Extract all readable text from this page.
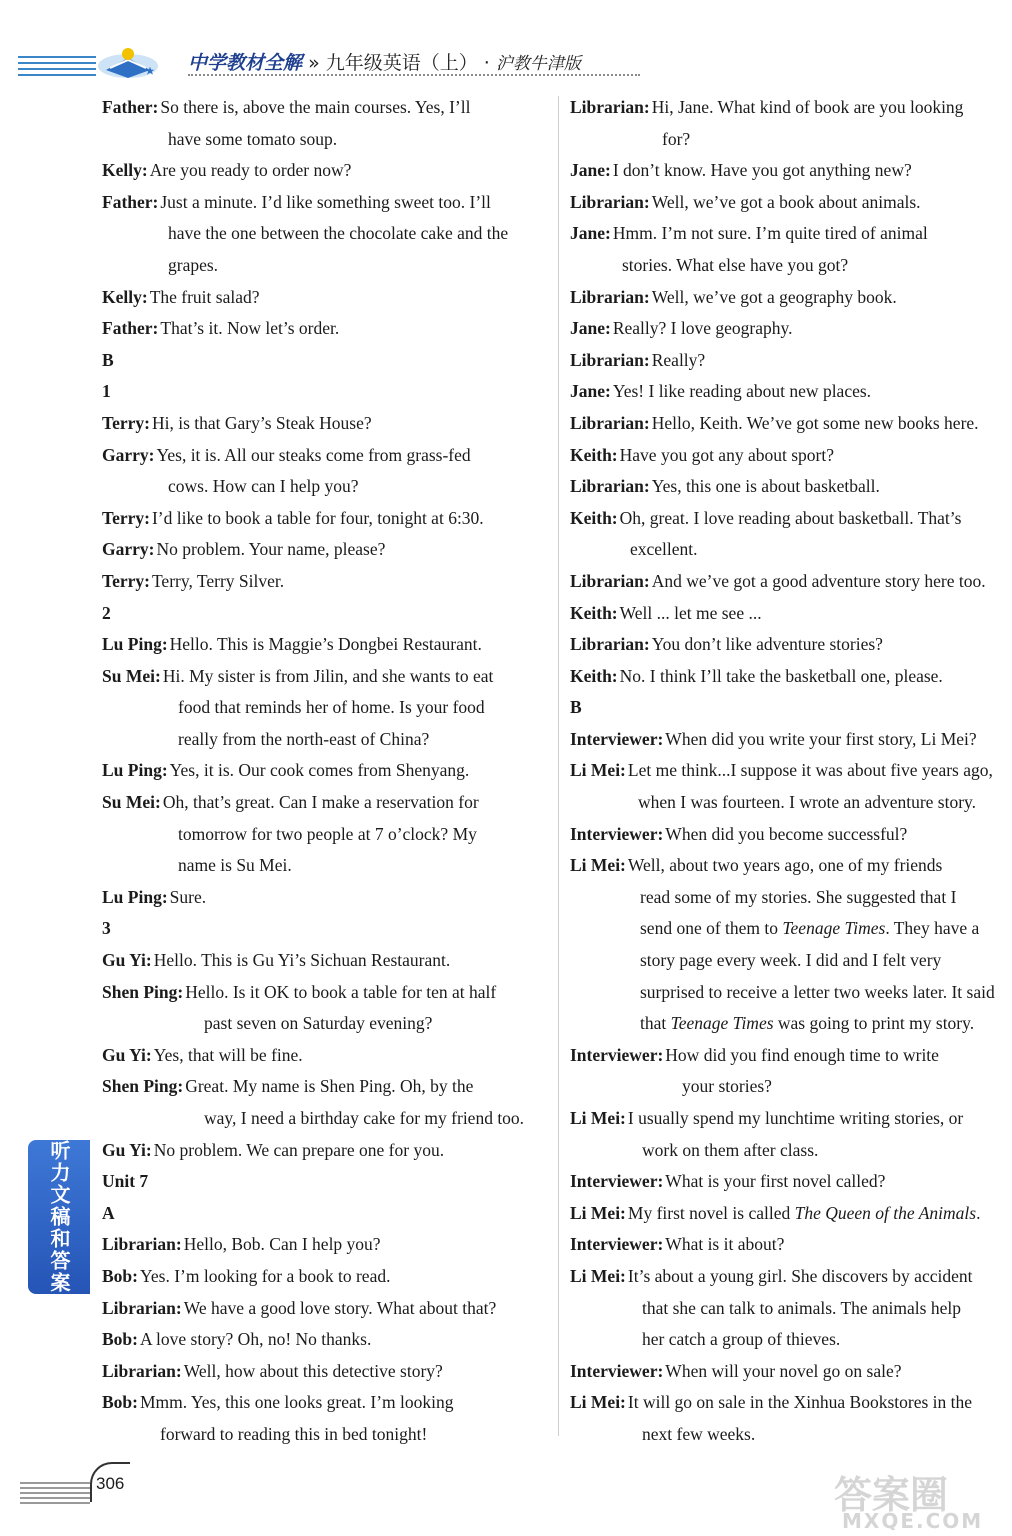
中学教材全解 » 九年级英语（上） · 沪教牛津版
Father: So there is, above the main courses. Yes, I’ll
have some tomato soup.
Kelly: Are you ready to order now?
Father: Just a minute. I’d like something sweet too. I’ll
have the one between the chocolate cake and the
grapes.
Kelly: The fruit salad?
Father: That’s it. Now let’s order.
B
1
Terry: Hi, is that Gary’s Steak House?
Garry: Yes, it is. All our steaks come from grass-fed
cows. How can I help you?
Terry: I’d like to book a table for four, tonight at 6:30.
Garry: No problem. Your name, please?
Terry: Terry, Terry Silver.
2
Lu Ping: Hello. This is Maggie’s Dongbei Restaurant.
Su Mei: Hi. My sister is from Jilin, and she wants to eat
food that reminds her of home. Is your food
really from the north-east of China?
Lu Ping: Yes, it is. Our cook comes from Shenyang.
Su Mei: Oh, that’s great. Can I make a reservation for
tomorrow for two people at 7 o’clock? My
name is Su Mei.
Lu Ping: Sure.
3
Gu Yi: Hello. This is Gu Yi’s Sichuan Restaurant.
Shen Ping: Hello. Is it OK to book a table for ten at half
past seven on Saturday evening?
Gu Yi: Yes, that will be fine.
Shen Ping: Great. My name is Shen Ping. Oh, by the
way, I need a birthday cake for my friend too.
Gu Yi: No problem. We can prepare one for you.
Unit 7
A
Librarian: Hello, Bob. Can I help you?
Bob: Yes. I’m looking for a book to read.
Librarian: We have a good love story. What about that?
Bob: A love story? Oh, no! No thanks.
Librarian: Well, how about this detective story?
Bob: Mmm. Yes, this one looks great. I’m looking
forward to reading this in bed tonight!
Librarian: Hi, Jane. What kind of book are you looking
for?
Jane: I don’t know. Have you got anything new?
Librarian: Well, we’ve got a book about animals.
Jane: Hmm. I’m not sure. I’m quite tired of animal
stories. What else have you got?
Librarian: Well, we’ve got a geography book.
Jane: Really? I love geography.
Librarian: Really?
Jane: Yes! I like reading about new places.
Librarian: Hello, Keith. We’ve got some new books here.
Keith: Have you got any about sport?
Librarian: Yes, this one is about basketball.
Keith: Oh, great. I love reading about basketball. That’s
excellent.
Librarian: And we’ve got a good adventure story here too.
Keith: Well ... let me see ...
Librarian: You don’t like adventure stories?
Keith: No. I think I’ll take the basketball one, please.
B
Interviewer: When did you write your first story, Li Mei?
Li Mei: Let me think...I suppose it was about five years ago,
when I was fourteen. I wrote an adventure story.
Interviewer: When did you become successful?
Li Mei: Well, about two years ago, one of my friends
read some of my stories. She suggested that I
send one of them to Teenage Times. They have a
story page every week. I did and I felt very
surprised to receive a letter two weeks later. It said
that Teenage Times was going to print my story.
Interviewer: How did you find enough time to write
your stories?
Li Mei: I usually spend my lunchtime writing stories, or
work on them after class.
Interviewer: What is your first novel called?
Li Mei: My first novel is called The Queen of the Animals.
Interviewer: What is it about?
Li Mei: It’s about a young girl. She discovers by accident
that she can talk to animals. The animals help
her catch a group of thieves.
Interviewer: When will your novel go on sale?
Li Mei: It will go on sale in the Xinhua Bookstores in the
next few weeks.
听力文稿和答案
306	答案圈
MXQE.COM
